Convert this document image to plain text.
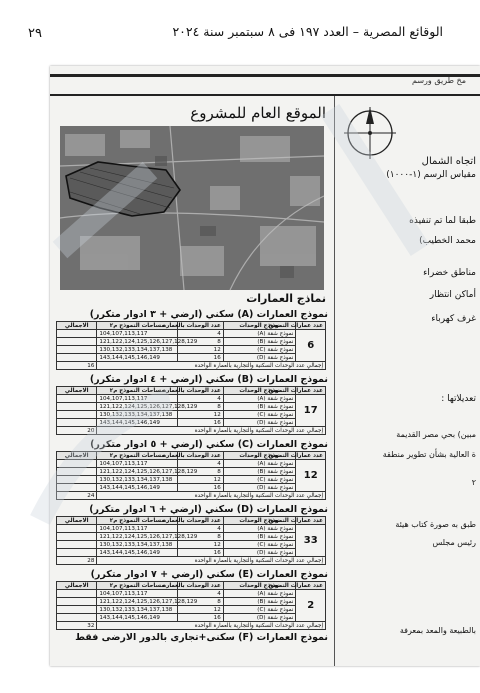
٢٩	الوقائع المصرية – العدد ١٩٧ فى ٨ سبتمبر سنة ٢٠٢٤
مخ طريق ورسم
الموقع العام للمشروع
نماذج العمارات
نموذج العمارات (A) سكني (ارضي + ٣ ادوار متكرر)
عدد عمارات النموذج	نموذج الوحدات	عدد الوحدات بالعمارة	مساحات النموذج م٢	الاجمالي
6	نموذج شقة (A)	4	104,107,113,117	
	نموذج شقة (B)	8	121,122,124,125,126,127,128,129	
	نموذج شقة (C)	12	130,132,133,134,137,138	
	نموذج شقة (D)	16	143,144,145,146,149	
إجمالي عدد الوحدات السكنية والتجارية بالعمارة الواحدة				16
نموذج العمارات (B) سكني (ارضي + ٤ ادوار متكرر)
عدد عمارات النموذج	نموذج الوحدات	عدد الوحدات بالعمارة	مساحات النموذج م٢	الاجمالي
17	نموذج شقة (A)	4	104,107,113,117	
	نموذج شقة (B)	8	121,122,124,125,126,127,128,129	
	نموذج شقة (C)	12	130,132,133,134,137,138	
	نموذج شقة (D)	16	143,144,145,146,149	
إجمالي عدد الوحدات السكنية والتجارية بالعمارة الواحدة				20
نموذج العمارات (C) سكني (ارضي + ٥ ادوار متكرر)
عدد عمارات النموذج	نموذج الوحدات	عدد الوحدات بالعمارة	مساحات النموذج م٢	الاجمالي
12	نموذج شقة (A)	4	104,107,113,117	
	نموذج شقة (B)	8	121,122,124,125,126,127,128,129	
	نموذج شقة (C)	12	130,132,133,134,137,138	
	نموذج شقة (D)	16	143,144,145,146,149	
إجمالي عدد الوحدات السكنية والتجارية بالعمارة الواحدة				24
نموذج العمارات (D) سكني (ارضي + ٦ ادوار متكرر)
عدد عمارات النموذج	نموذج الوحدات	عدد الوحدات بالعمارة	مساحات النموذج م٢	الاجمالي
33	نموذج شقة (A)	4	104,107,113,117	
	نموذج شقة (B)	8	121,122,124,125,126,127,128,129	
	نموذج شقة (C)	12	130,132,133,134,137,138	
	نموذج شقة (D)	16	143,144,145,146,149	
إجمالي عدد الوحدات السكنية والتجارية بالعمارة الواحدة				28
نموذج العمارات (E) سكني (ارضي + ٧ ادوار متكرر)
عدد عمارات النموذج	نموذج الوحدات	عدد الوحدات بالعمارة	مساحات النموذج م٢	الاجمالي
2	نموذج شقة (A)	4	104,107,113,117	
	نموذج شقة (B)	8	121,122,124,125,126,127,128,129	
	نموذج شقة (C)	12	130,132,133,134,137,138	
	نموذج شقة (D)	16	143,144,145,146,149	
إجمالي عدد الوحدات السكنية والتجارية بالعمارة الواحدة				32
نموذج العمارات (F) سكنى+تجارى بالدور الارضى فقط
اتجاه الشمال
مقياس الرسم (١-١٠٠٠)
طبقا لما تم تنفيذه
محمد الخطيب)
مناطق خضراء
أماكن انتظار
غرف كهرباء
تعديلاتها :
مبين) بحي مصر القديمة
ة العالية بشأن تطوير منطقة
٢
طبق به صورة كتاب هيئة
رئيس مجلس
بالطبيعة والمعد بمعرفة
